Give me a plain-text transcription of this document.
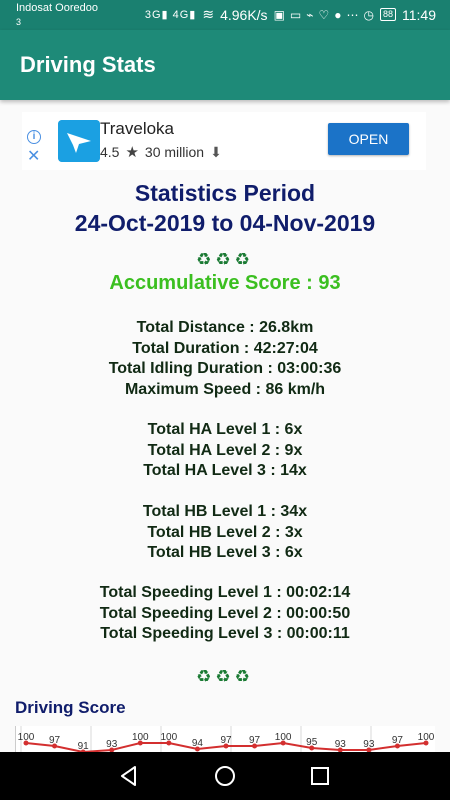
Indosat Ooredoo
3
3G▮ 4G▮ ≋ 4.96K/s ▣ ▭ ⌁ ♡ ● ⋯ ◷	88 11:49
Driving Stats
i
✕
Traveloka
4.5 ★ 30 million ⬇
OPEN
Statistics Period
24-Oct-2019 to 04-Nov-2019
♻♻♻
Accumulative Score : 93
Total Distance : 26.8km
Total Duration : 42:27:04
Total Idling Duration : 03:00:36
Maximum Speed : 86 km/h
Total HA Level 1 : 6x
Total HA Level 2 : 9x
Total HA Level 3 : 14x
Total HB Level 1 : 34x
Total HB Level 2 : 3x
Total HB Level 3 : 6x
Total Speeding Level 1 : 00:02:14
Total Speeding Level 2 : 00:00:50
Total Speeding Level 3 : 00:00:11
♻♻♻
Driving Score
100 97
91 93
100 100
94 97 97 100 95 93 93 97 100
